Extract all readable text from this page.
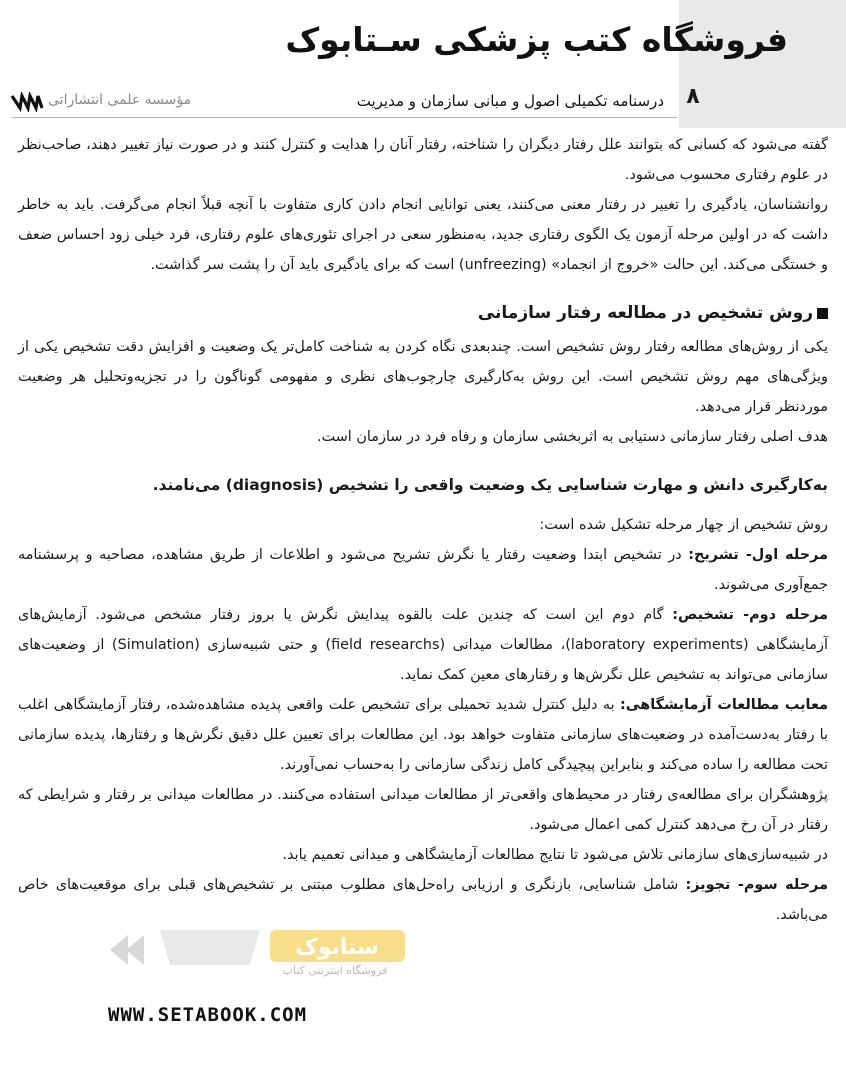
فروشگاه کتب پزشکی سـتابوک
۸
درسنامه تکمیلی اصول و مبانی سازمان و مدیریت
مؤسسه علمی انتشاراتی

گفته می‌شود که کسانی که بتوانند علل رفتار دیگران را شناخته، رفتار آنان را هدایت و کنترل کنند و در صورت نیاز تغییر دهند، صاحب‌نظر در علوم رفتاری محسوب می‌شود.

روانشناسان، یادگیری را تغییر در رفتار معنی می‌کنند، یعنی توانایی انجام دادن کاری متفاوت با آنچه قبلاً انجام می‌گرفت. باید به خاطر داشت که در اولین مرحله آزمون یک الگوی رفتاری جدید، به‌منظور سعی در اجرای تئوری‌های علوم رفتاری، فرد خیلی زود احساس ضعف و خستگی می‌کند. این حالت «خروج از انجماد» (unfreezing) است که برای یادگیری باید آن را پشت سر گذاشت.

روش تشخیص در مطالعه رفتار سازمانی

یکی از روش‌های مطالعه رفتار روش تشخیص است. چندبعدی نگاه کردن به شناخت کامل‌تر یک وضعیت و افزایش دقت تشخیص یکی از ویژگی‌های مهم روش تشخیص است. این روش به‌کارگیری چارچوب‌های نظری و مفهومی گوناگون را در تجزیه‌وتحلیل هر وضعیت موردنظر قرار می‌دهد.

هدف اصلی رفتار سازمانی دستیابی به اثربخشی سازمان و رفاه فرد در سازمان است.

به‌کارگیری دانش و مهارت شناسایی یک وضعیت واقعی را تشخیص (diagnosis) می‌نامند.

روش تشخیص از چهار مرحله تشکیل شده است:

مرحله اول- تشریح: در تشخیص ابتدا وضعیت رفتار یا نگرش تشریح می‌شود و اطلاعات از طریق مشاهده، مصاحبه و پرسشنامه جمع‌آوری می‌شوند.

مرحله دوم- تشخیص: گام دوم این است که چندین علت بالقوه پیدایش نگرش یا بروز رفتار مشخص می‌شود. آزمایش‌های آزمایشگاهی (laboratory experiments)، مطالعات میدانی (field researchs) و حتی شبیه‌سازی (Simulation) از وضعیت‌های سازمانی می‌تواند به تشخیص علل نگرش‌ها و رفتارهای معین کمک نماید.

معایب مطالعات آزمایشگاهی: به دلیل کنترل شدید تحمیلی برای تشخیص علت واقعی پدیده مشاهده‌شده، رفتار آزمایشگاهی اغلب با رفتار به‌دست‌آمده در وضعیت‌های سازمانی متفاوت خواهد بود. این مطالعات برای تعیین علل دقیق نگرش‌ها و رفتارها، پدیده سازمانی تحت مطالعه را ساده می‌کند و بنابراین پیچیدگی کامل زندگی سازمانی را به‌حساب نمی‌آورند.

پژوهشگران برای مطالعه‌ی رفتار در محیط‌های واقعی‌تر از مطالعات میدانی استفاده می‌کنند. در مطالعات میدانی بر رفتار و شرایطی که رفتار در آن رخ می‌دهد کنترل کمی اعمال می‌شود.

در شبیه‌سازی‌های سازمانی تلاش می‌شود تا نتایج مطالعات آزمایشگاهی و میدانی تعمیم یابد.

مرحله سوم- تجویز: شامل شناسایی، بازنگری و ارزیابی راه‌حل‌های مطلوب مبتنی بر تشخیص‌های قبلی برای موقعیت‌های خاص می‌باشد.

ستابوک
فروشگاه اینترنتی کتاب
WWW.SETABOOK.COM
